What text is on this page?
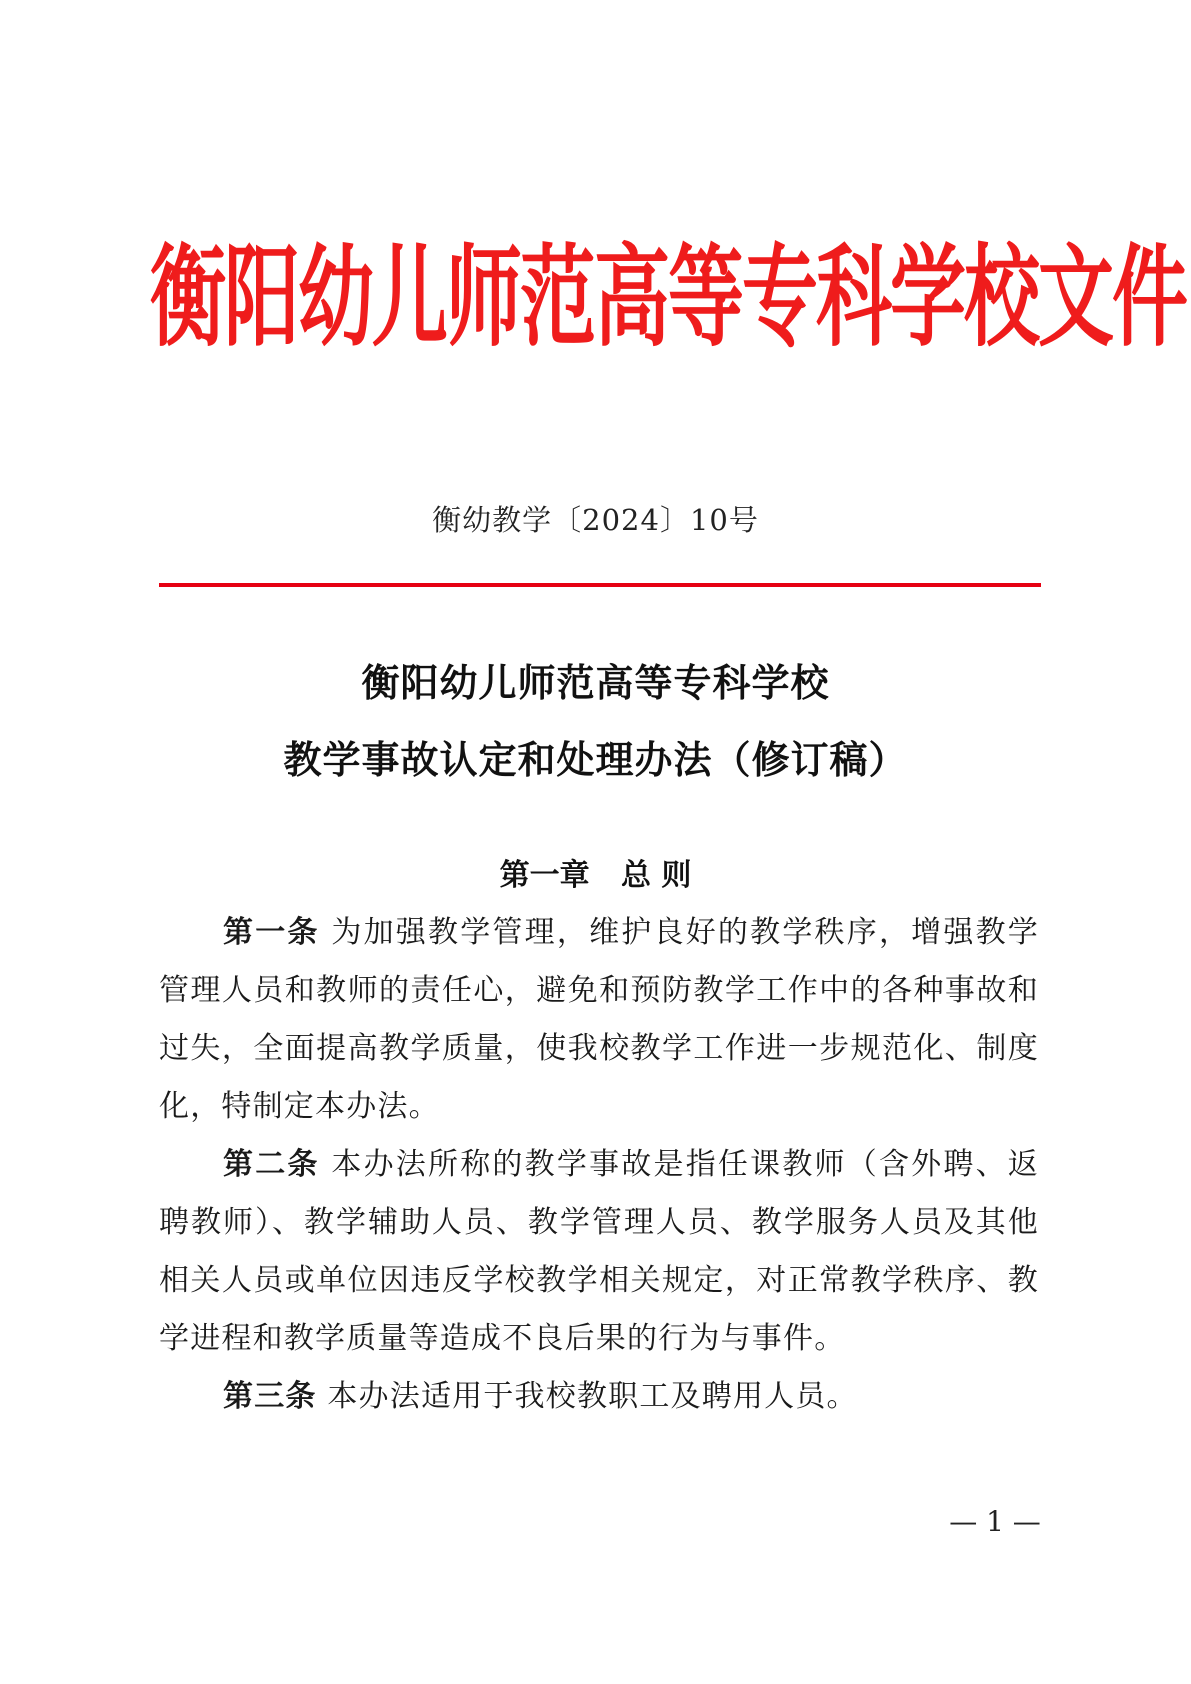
衡阳幼儿师范高等专科学校文件
衡幼教学〔2024〕10号
衡阳幼儿师范高等专科学校
教学事故认定和处理办法（修订稿）
第一章   总 则

第一条 为加强教学管理，维护良好的教学秩序，增强教学管理人员和教师的责任心，避免和预防教学工作中的各种事故和过失，全面提高教学质量，使我校教学工作进一步规范化、制度化，特制定本办法。

第二条 本办法所称的教学事故是指任课教师（含外聘、返聘教师）、教学辅助人员、教学管理人员、教学服务人员及其他相关人员或单位因违反学校教学相关规定，对正常教学秩序、教学进程和教学质量等造成不良后果的行为与事件。

第三条 本办法适用于我校教职工及聘用人员。

— 1 —
